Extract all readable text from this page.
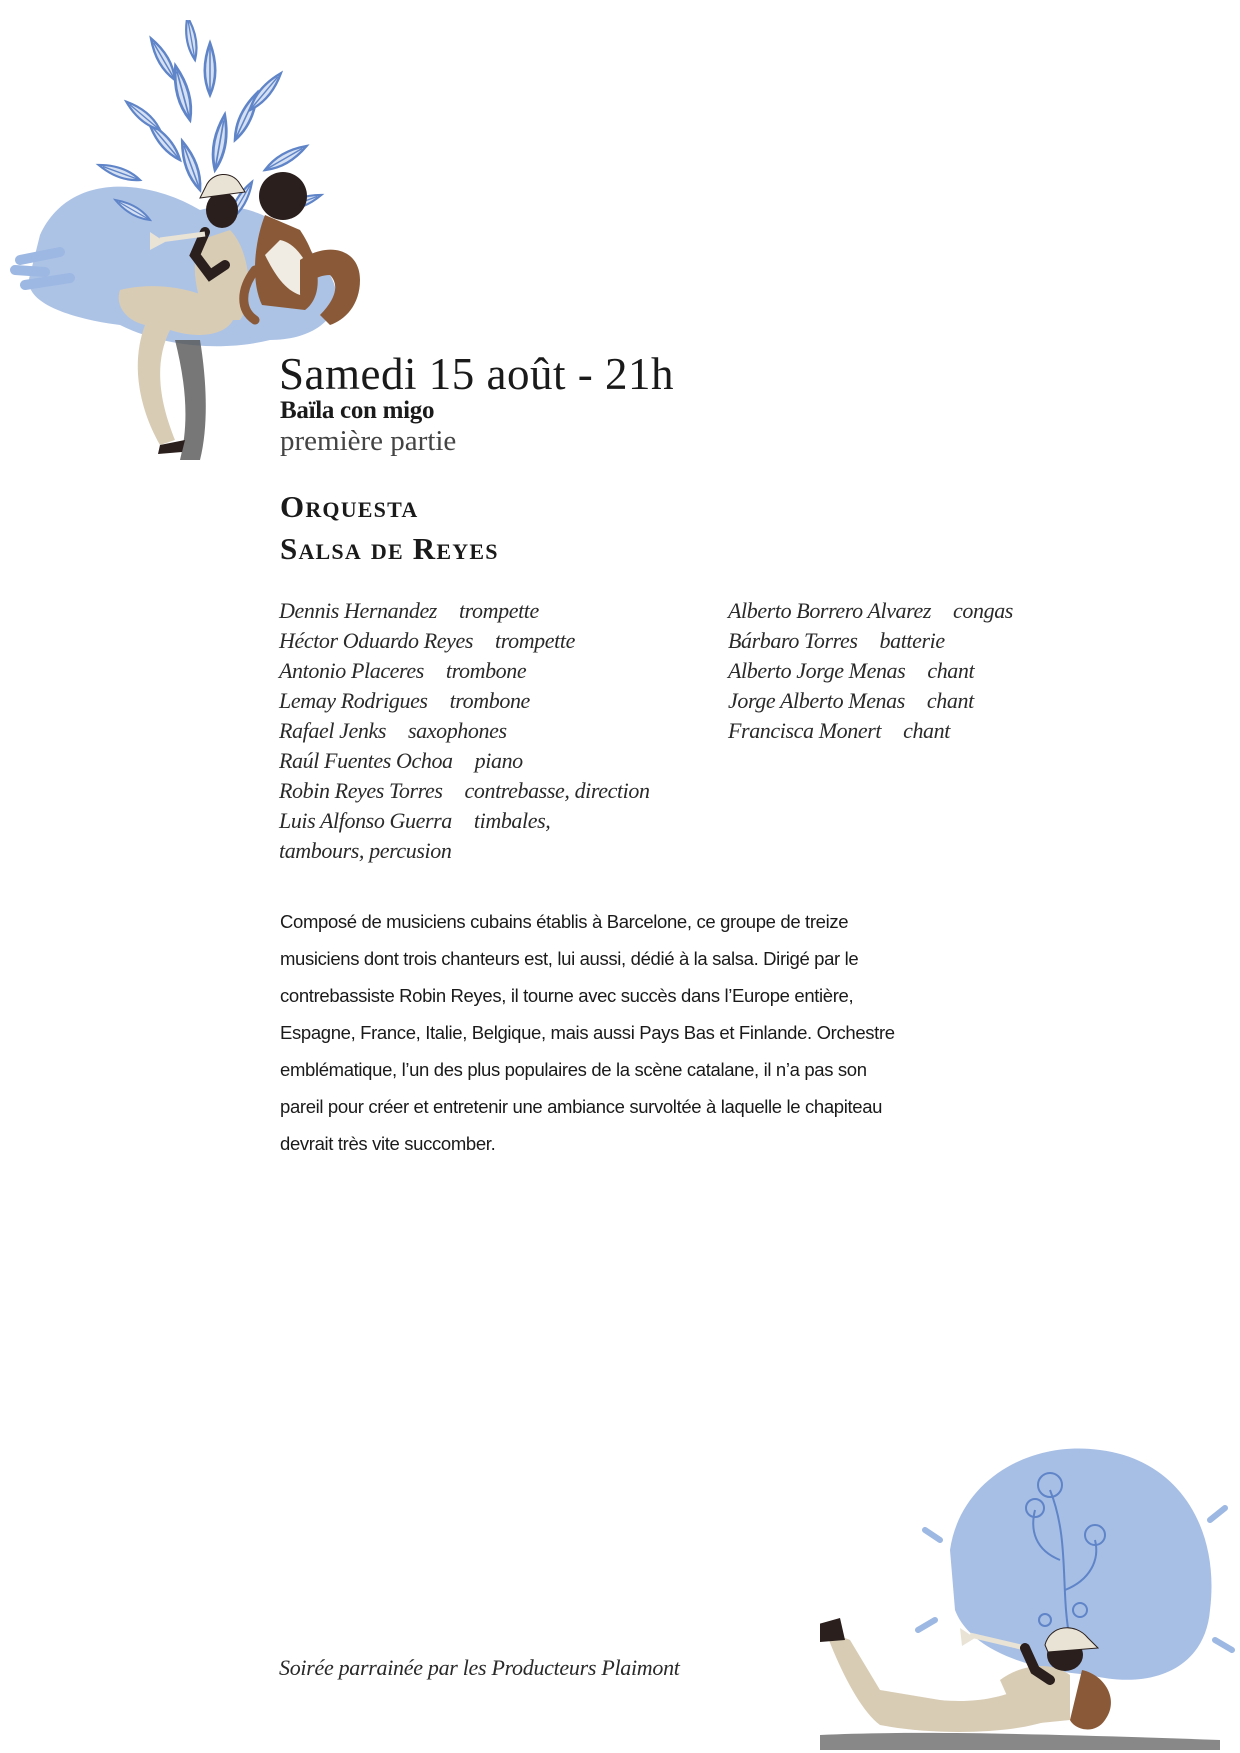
Samedi 15 août - 21h
Baïla con migo
première partie
Orquesta
Salsa de Reyes
Dennis Hernandez trompette
Héctor Oduardo Reyes trompette
Antonio Placeres trombone
Lemay Rodrigues trombone
Rafael Jenks saxophones
Raúl Fuentes Ochoa piano
Robin Reyes Torres contrebasse, direction
Luis Alfonso Guerra timbales,
tambours, percusion
Alberto Borrero Alvarez congas
Bárbaro Torres batterie
Alberto Jorge Menas chant
Jorge Alberto Menas chant
Francisca Monert chant

Composé de musiciens cubains établis à Barcelone, ce groupe de treize musiciens dont trois chanteurs est, lui aussi, dédié à la salsa. Dirigé par le contrebassiste Robin Reyes, il tourne avec succès dans l’Europe entière, Espagne, France, Italie, Belgique, mais aussi Pays Bas et Finlande. Orchestre emblématique, l’un des plus populaires de la scène catalane, il n’a pas son pareil pour créer et entretenir une ambiance survoltée à laquelle le chapiteau devrait très vite succomber.

Soirée parrainée par les Producteurs Plaimont
